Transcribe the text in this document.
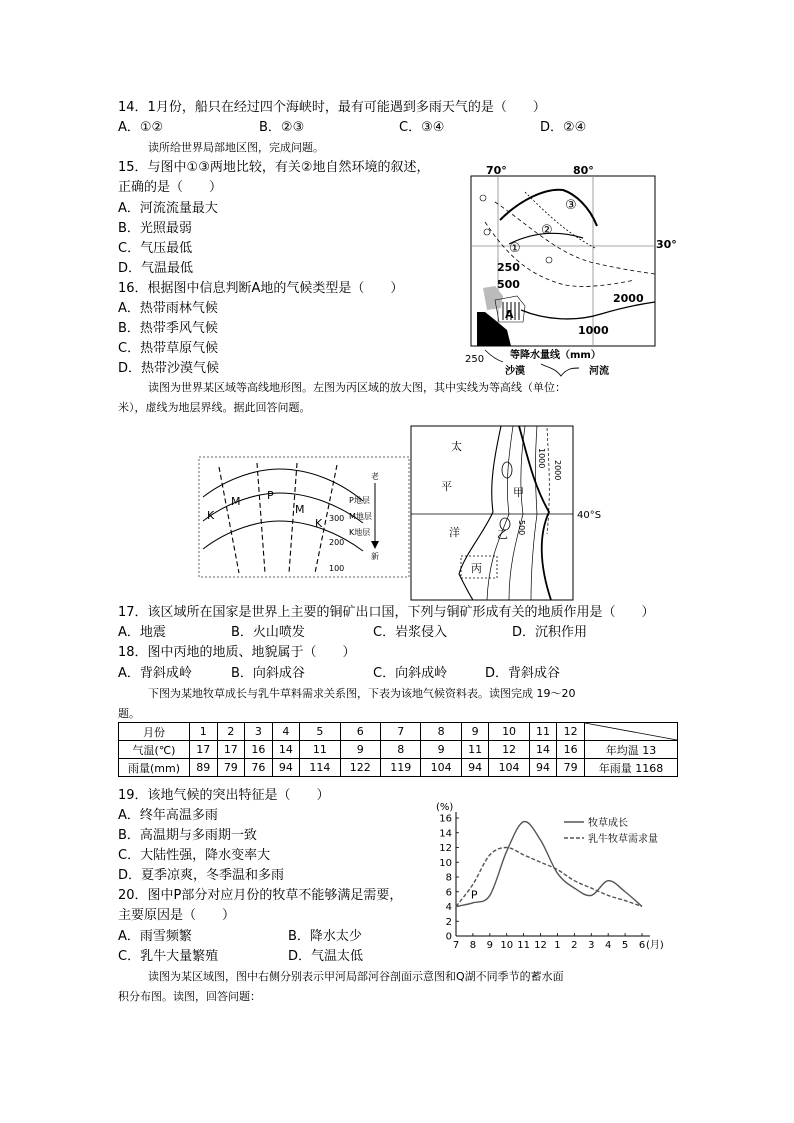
14．1月份，船只在经过四个海峡时，最有可能遇到多雨天气的是（　　）
A．①②	B．②③	C．③④	D．②④
读所给世界局部地区图，完成问题。
15．与图中①③两地比较，有关②地自然环境的叙述，
正确的是（　　）
A．河流流量最大
B．光照最弱
C．气压最低
D．气温最低
16．根据图中信息判断A地的气候类型是（　　）
A．热带雨林气候
B．热带季风气候
C．热带草原气候
D．热带沙漠气候
70°	80°
30°
250
500
2000
1000
①
②
③
A
250	等降水量线（mm）
沙漠	河流
读图为世界某区域等高线地形图。左图为丙区域的放大图，其中实线为等高线（单位：
米），虚线为地层界线。据此回答问题。
K
M P
M
K 300
200
100
老
新
P地层
M地层
K地层
40°S
太
平
洋
1000
2000
500
甲
乙
丙
17．该区域所在国家是世界上主要的铜矿出口国，下列与铜矿形成有关的地质作用是（　　）
A．地震	B．火山喷发	C．岩浆侵入	D．沉积作用
18．图中丙地的地质、地貌属于（　　）
A．背斜成岭	B．向斜成谷	C．向斜成岭	D．背斜成谷
下图为某地牧草成长与乳牛草料需求关系图，下表为该地气候资料表。读图完成 19～20
题。
月份	1	2	3	4	5	6	7	8	9	10	11	12	

气温(℃)	17	17	16	14	11	9	8	9	11	12	14	16	年均温 13
雨量(mm)	89	79	76	94	114	122	119	104	94	104	94	79	年雨量 1168
19．该地气候的突出特征是（　　）
A．终年高温多雨
B．高温期与多雨期一致
C．大陆性强，降水变率大
D．夏季凉爽，冬季温和多雨
20．图中P部分对应月份的牧草不能够满足需要，
主要原因是（　　）
A．雨雪频繁	B．降水太少
C．乳牛大量繁殖	D．气温太低
(%)
0
2
4
6
8
10
12
14
16
7 8 9 10 11 12 1 2 3 4 5 6
P
牧草成长
乳牛牧草需求量
(月)
读图为某区域图，图中右侧分别表示甲河局部河谷剖面示意图和Q湖不同季节的蓄水面
积分布图。读图，回答问题：
